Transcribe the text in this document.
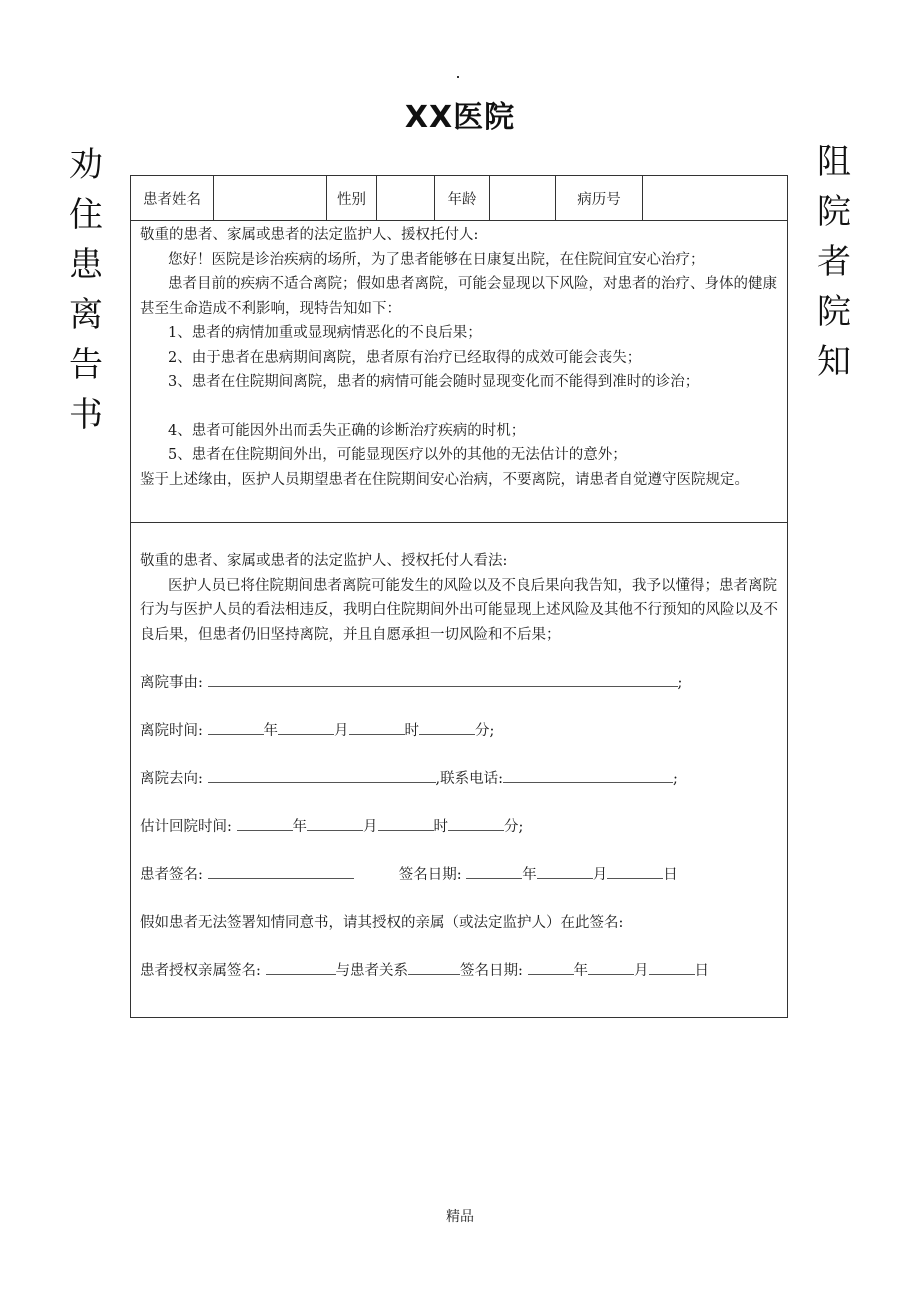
XX医院
劝
住
患
离
告
书
阻
院
者
院
知
患者姓名	性别	年龄	病历号

敬重的患者、家属或患者的法定监护人、援权托付人:

您好！医院是诊治疾病的场所，为了患者能够在日康复出院，在住院间宜安心治疗；

患者目前的疾病不适合离院；假如患者离院，可能会显现以下风险，对患者的治疗、身体的健康甚至生命造成不利影响，现特告知如下：

1、患者的病情加重或显现病情恶化的不良后果；

2、由于患者在患病期间离院，患者原有治疗已经取得的成效可能会丧失；

3、患者在住院期间离院，患者的病情可能会随时显现变化而不能得到准时的诊治；

4、患者可能因外出而丢失正确的诊断治疗疾病的时机；

5、患者在住院期间外出，可能显现医疗以外的其他的无法估计的意外；

鉴于上述缘由，医护人员期望患者在住院期间安心治病，不要离院，请患者自觉遵守医院规定。

敬重的患者、家属或患者的法定监护人、授权托付人看法:

医护人员已将住院期间患者离院可能发生的风险以及不良后果向我告知，我予以懂得；患者离院行为与医护人员的看法相违反，我明白住院期间外出可能显现上述风险及其他不行预知的风险以及不良后果，但患者仍旧坚持离院，并且自愿承担一切风险和不后果；

离院事由:	;

离院时间:	年	月	时	分;

离院去向:	,联系电话:	;

估计回院时间:	年	月	时	分;

患者签名:	签名日期:	年	月	日

假如患者无法签署知情同意书，请其授权的亲属（或法定监护人）在此签名:

患者授权亲属签名:	与患者关系	签名日期:	年	月	日

精品
